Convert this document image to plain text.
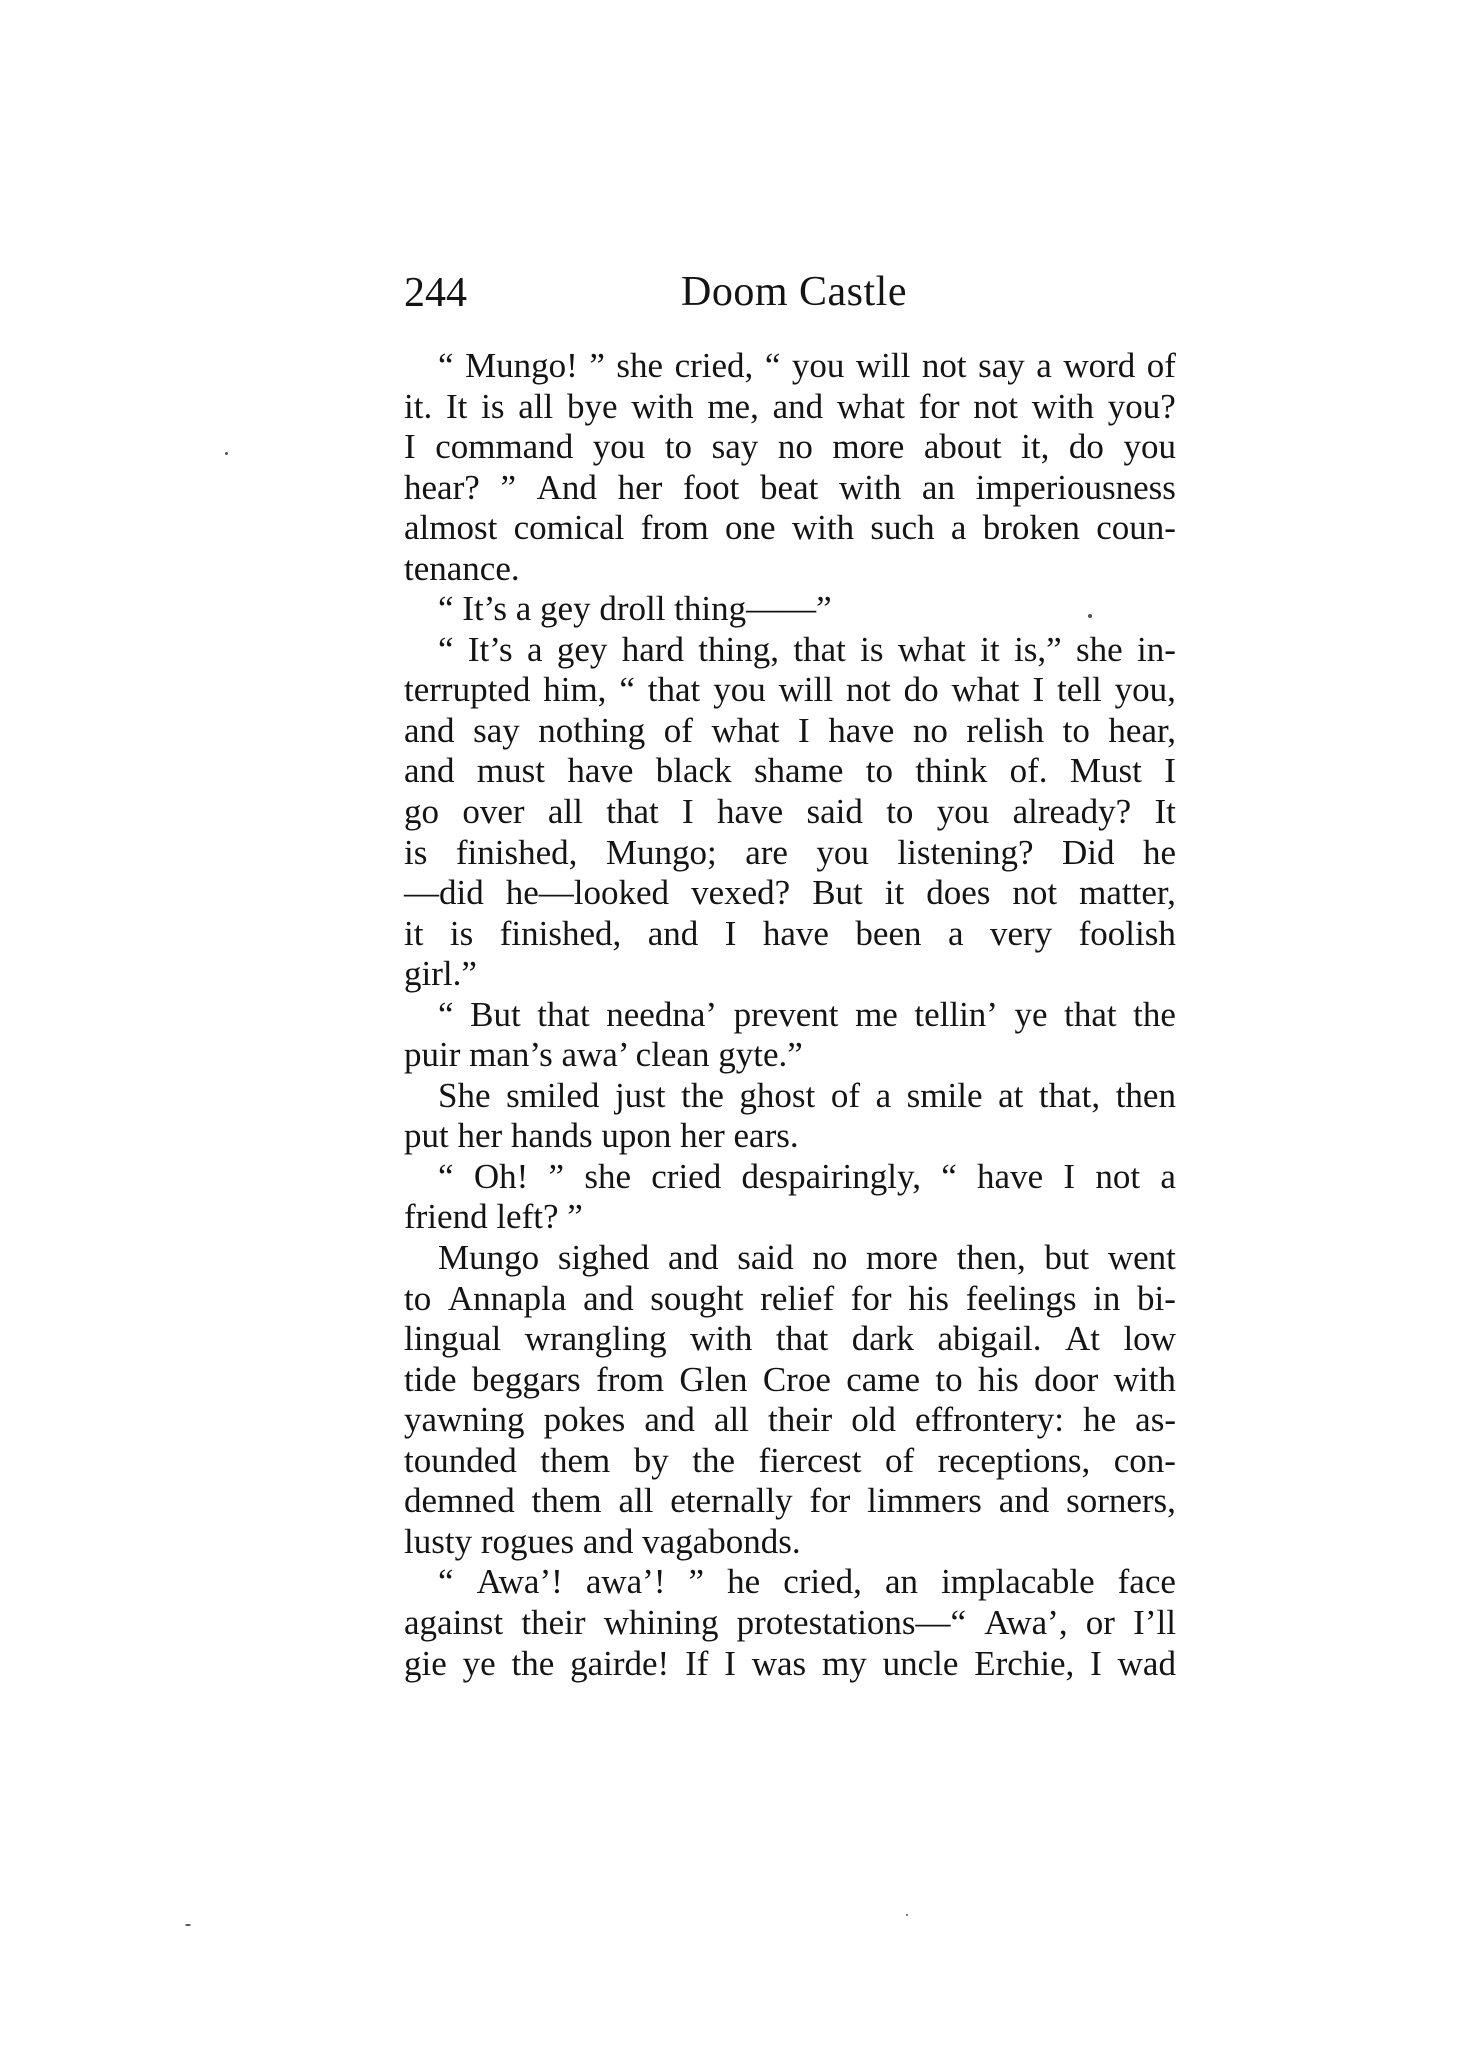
244	Doom Castle
“ Mungo! ” she cried, “ you will not say a word of
it. It is all bye with me, and what for not with you?
I command you to say no more about it, do you
hear? ” And her foot beat with an imperiousness
almost comical from one with such a broken coun-
tenance.
“ It’s a gey droll thing——”
“ It’s a gey hard thing, that is what it is,” she in-
terrupted him, “ that you will not do what I tell you,
and say nothing of what I have no relish to hear,
and must have black shame to think of. Must I
go over all that I have said to you already? It
is finished, Mungo; are you listening? Did he
—did he—looked vexed? But it does not matter,
it is finished, and I have been a very foolish
girl.”
“ But that needna’ prevent me tellin’ ye that the
puir man’s awa’ clean gyte.”
She smiled just the ghost of a smile at that, then
put her hands upon her ears.
“ Oh! ” she cried despairingly, “ have I not a
friend left? ”
Mungo sighed and said no more then, but went
to Annapla and sought relief for his feelings in bi-
lingual wrangling with that dark abigail. At low
tide beggars from Glen Croe came to his door with
yawning pokes and all their old effrontery: he as-
tounded them by the fiercest of receptions, con-
demned them all eternally for limmers and sorners,
lusty rogues and vagabonds.
“ Awa’! awa’! ” he cried, an implacable face
against their whining protestations—“ Awa’, or I’ll
gie ye the gairde! If I was my uncle Erchie, I wad
